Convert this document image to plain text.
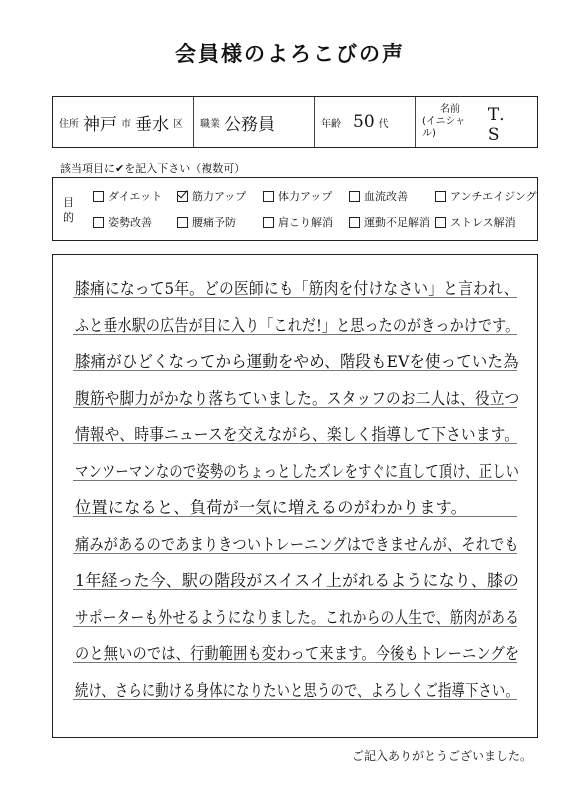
会員様のよろこびの声
住所 神戸 市 垂水 区 職業 公務員	年齢 50 代
名前
(イニシャル)
T．S
該当項目に✔を記入下さい（複数可）
目的
ダイエット	筋力アップ	体力アップ	血流改善	アンチエイジング
姿勢改善	腰痛予防	肩こり解消	運動不足解消 ストレス解消
膝痛になって5年。どの医師にも「筋肉を付けなさい」と言われ、
ふと垂水駅の広告が目に入り「これだ!」と思ったのがきっかけです。
膝痛がひどくなってから運動をやめ、階段もEVを使っていた為
腹筋や脚力がかなり落ちていました。スタッフのお二人は、役立つ
情報や、時事ニュースを交えながら、楽しく指導して下さいます。
マンツーマンなので姿勢のちょっとしたズレをすぐに直して頂け、正しい
位置になると、負荷が一気に増えるのがわかります。
痛みがあるのであまりきついトレーニングはできませんが、それでも
1年経った今、駅の階段がスイスイ上がれるようになり、膝の
サポーターも外せるようになりました。これからの人生で、筋肉がある
のと無いのでは、行動範囲も変わって来ます。今後もトレーニングを
続け、さらに動ける身体になりたいと思うので、よろしくご指導下さい。
ご記入ありがとうございました。
